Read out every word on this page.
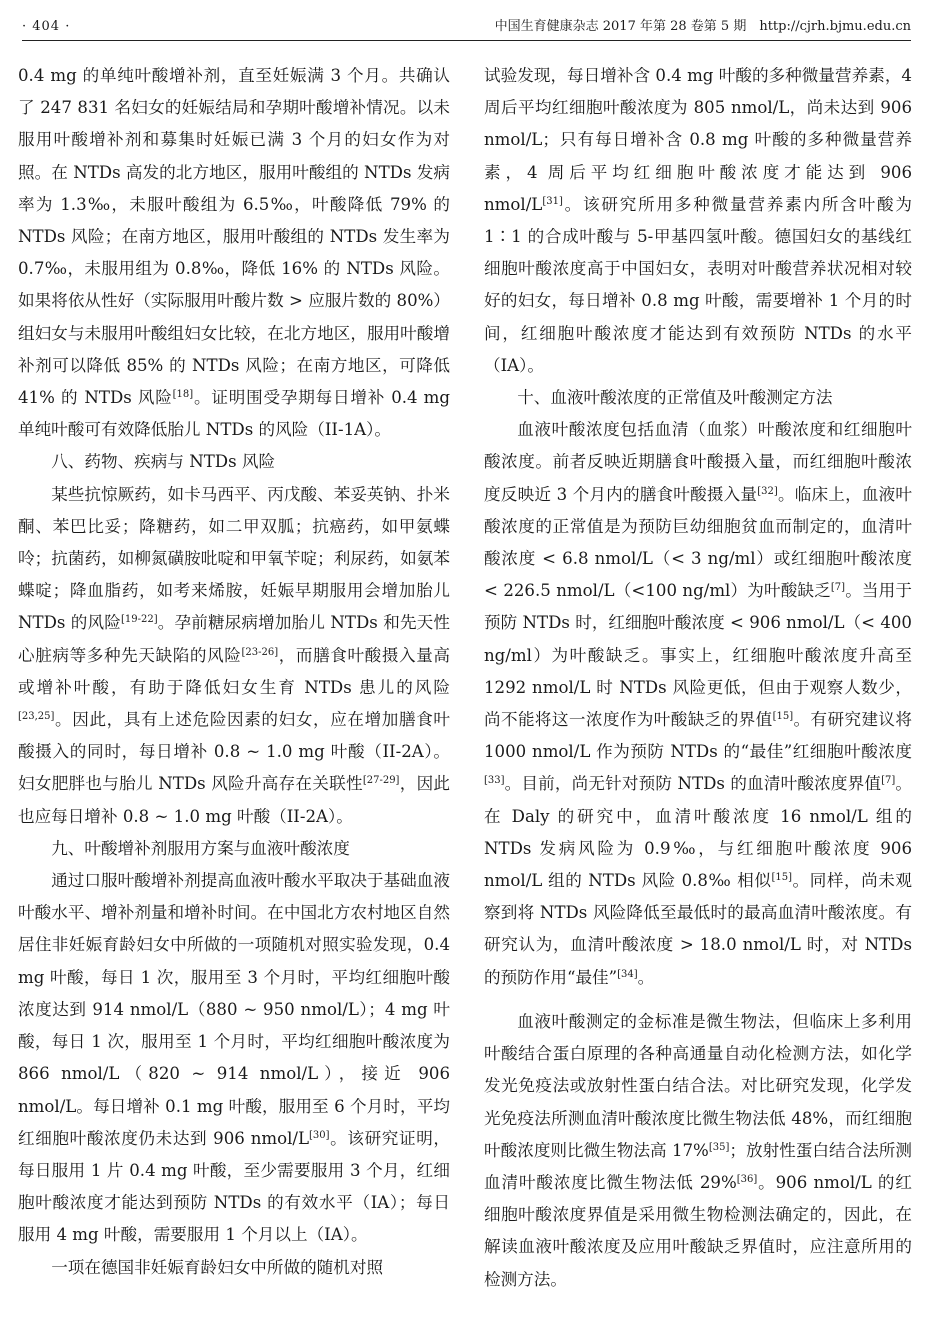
· 404 ·	中国生育健康杂志 2017 年第 28 卷第 5 期　http://cjrh.bjmu.edu.cn

0.4 mg 的单纯叶酸增补剂，直至妊娠满 3 个月。共确认了 247 831 名妇女的妊娠结局和孕期叶酸增补情况。以未服用叶酸增补剂和募集时妊娠已满 3 个月的妇女作为对照。在 NTDs 高发的北方地区，服用叶酸组的 NTDs 发病率为 1.3‰，未服叶酸组为 6.5‰，叶酸降低 79% 的 NTDs 风险；在南方地区，服用叶酸组的 NTDs 发生率为 0.7‰，未服用组为 0.8‰，降低 16% 的 NTDs 风险。如果将依从性好（实际服用叶酸片数 > 应服片数的 80%）组妇女与未服用叶酸组妇女比较，在北方地区，服用叶酸增补剂可以降低 85% 的 NTDs 风险；在南方地区，可降低 41% 的 NTDs 风险[18]。证明围受孕期每日增补 0.4 mg 单纯叶酸可有效降低胎儿 NTDs 的风险（II-1A）。

八、药物、疾病与 NTDs 风险

某些抗惊厥药，如卡马西平、丙戊酸、苯妥英钠、扑米酮、苯巴比妥；降糖药，如二甲双胍；抗癌药，如甲氨蝶呤；抗菌药，如柳氮磺胺吡啶和甲氧苄啶；利尿药，如氨苯蝶啶；降血脂药，如考来烯胺，妊娠早期服用会增加胎儿 NTDs 的风险[19-22]。孕前糖尿病增加胎儿 NTDs 和先天性心脏病等多种先天缺陷的风险[23-26]，而膳食叶酸摄入量高或增补叶酸，有助于降低妇女生育 NTDs 患儿的风险[23,25]。因此，具有上述危险因素的妇女，应在增加膳食叶酸摄入的同时，每日增补 0.8 ~ 1.0 mg 叶酸（II-2A）。妇女肥胖也与胎儿 NTDs 风险升高存在关联性[27-29]，因此也应每日增补 0.8 ~ 1.0 mg 叶酸（II-2A）。

九、叶酸增补剂服用方案与血液叶酸浓度

通过口服叶酸增补剂提高血液叶酸水平取决于基础血液叶酸水平、增补剂量和增补时间。在中国北方农村地区自然居住非妊娠育龄妇女中所做的一项随机对照实验发现，0.4 mg 叶酸，每日 1 次，服用至 3 个月时，平均红细胞叶酸浓度达到 914 nmol/L（880 ~ 950 nmol/L）；4 mg 叶酸，每日 1 次，服用至 1 个月时，平均红细胞叶酸浓度为 866 nmol/L（820 ~ 914 nmol/L），接近 906 nmol/L。每日增补 0.1 mg 叶酸，服用至 6 个月时，平均红细胞叶酸浓度仍未达到 906 nmol/L[30]。该研究证明，每日服用 1 片 0.4 mg 叶酸，至少需要服用 3 个月，红细胞叶酸浓度才能达到预防 NTDs 的有效水平（IA）；每日服用 4 mg 叶酸，需要服用 1 个月以上（IA）。

一项在德国非妊娠育龄妇女中所做的随机对照

试验发现，每日增补含 0.4 mg 叶酸的多种微量营养素，4 周后平均红细胞叶酸浓度为 805 nmol/L，尚未达到 906 nmol/L；只有每日增补含 0.8 mg 叶酸的多种微量营养素，4 周后平均红细胞叶酸浓度才能达到 906 nmol/L[31]。该研究所用多种微量营养素内所含叶酸为 1∶1 的合成叶酸与 5-甲基四氢叶酸。德国妇女的基线红细胞叶酸浓度高于中国妇女，表明对叶酸营养状况相对较好的妇女，每日增补 0.8 mg 叶酸，需要增补 1 个月的时间，红细胞叶酸浓度才能达到有效预防 NTDs 的水平（IA）。

十、血液叶酸浓度的正常值及叶酸测定方法

血液叶酸浓度包括血清（血浆）叶酸浓度和红细胞叶酸浓度。前者反映近期膳食叶酸摄入量，而红细胞叶酸浓度反映近 3 个月内的膳食叶酸摄入量[32]。临床上，血液叶酸浓度的正常值是为预防巨幼细胞贫血而制定的，血清叶酸浓度 < 6.8 nmol/L（< 3 ng/ml）或红细胞叶酸浓度 < 226.5 nmol/L（<100 ng/ml）为叶酸缺乏[7]。当用于预防 NTDs 时，红细胞叶酸浓度 < 906 nmol/L（< 400 ng/ml）为叶酸缺乏。事实上，红细胞叶酸浓度升高至 1292 nmol/L 时 NTDs 风险更低，但由于观察人数少，尚不能将这一浓度作为叶酸缺乏的界值[15]。有研究建议将 1000 nmol/L 作为预防 NTDs 的“最佳”红细胞叶酸浓度[33]。目前，尚无针对预防 NTDs 的血清叶酸浓度界值[7]。在 Daly 的研究中，血清叶酸浓度 16 nmol/L 组的 NTDs 发病风险为 0.9‰，与红细胞叶酸浓度 906 nmol/L 组的 NTDs 风险 0.8‰ 相似[15]。同样，尚未观察到将 NTDs 风险降低至最低时的最高血清叶酸浓度。有研究认为，血清叶酸浓度 > 18.0 nmol/L 时，对 NTDs 的预防作用“最佳”[34]。

血液叶酸测定的金标准是微生物法，但临床上多利用叶酸结合蛋白原理的各种高通量自动化检测方法，如化学发光免疫法或放射性蛋白结合法。对比研究发现，化学发光免疫法所测血清叶酸浓度比微生物法低 48%，而红细胞叶酸浓度则比微生物法高 17%[35]；放射性蛋白结合法所测血清叶酸浓度比微生物法低 29%[36]。906 nmol/L 的红细胞叶酸浓度界值是采用微生物检测法确定的，因此，在解读血液叶酸浓度及应用叶酸缺乏界值时，应注意所用的检测方法。
